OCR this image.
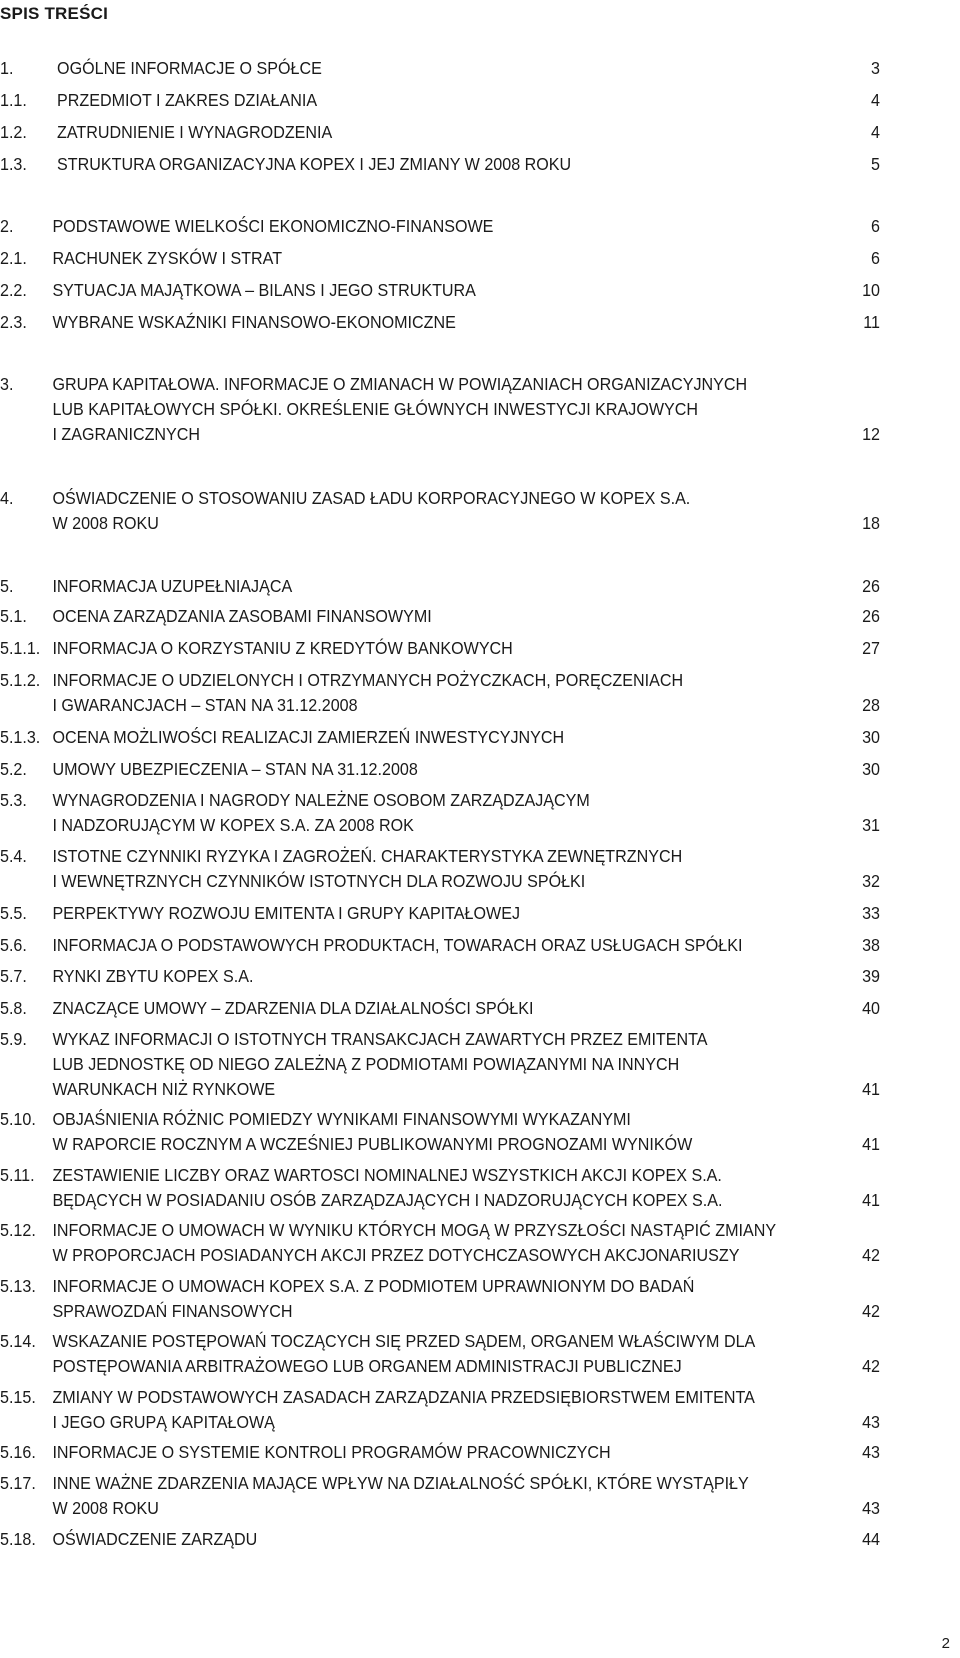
SPIS TREŚCI
1. OGÓLNE INFORMACJE O SPÓŁCE	3
1.1. PRZEDMIOT I ZAKRES DZIAŁANIA	4
1.2. ZATRUDNIENIE I WYNAGRODZENIA	4
1.3. STRUKTURA ORGANIZACYJNA KOPEX I JEJ ZMIANY W 2008 ROKU	5
2. PODSTAWOWE WIELKOŚCI EKONOMICZNO-FINANSOWE	6
2.1. RACHUNEK ZYSKÓW I STRAT	6
2.2. SYTUACJA MAJĄTKOWA – BILANS I JEGO STRUKTURA	10
2.3. WYBRANE WSKAŹNIKI FINANSOWO-EKONOMICZNE	11
3. GRUPA KAPITAŁOWA. INFORMACJE O ZMIANACH W POWIĄZANIACH ORGANIZACYJNYCH
LUB KAPITAŁOWYCH SPÓŁKI. OKREŚLENIE GŁÓWNYCH INWESTYCJI KRAJOWYCH
I ZAGRANICZNYCH	12
4. OŚWIADCZENIE O STOSOWANIU ZASAD ŁADU KORPORACYJNEGO W KOPEX S.A.
W 2008 ROKU	18
5. INFORMACJA UZUPEŁNIAJĄCA	26
5.1. OCENA ZARZĄDZANIA ZASOBAMI FINANSOWYMI	26
5.1.1. INFORMACJA O KORZYSTANIU Z KREDYTÓW BANKOWYCH	27
5.1.2. INFORMACJE O UDZIELONYCH I OTRZYMANYCH POŻYCZKACH, PORĘCZENIACH
I GWARANCJACH – STAN NA 31.12.2008	28
5.1.3. OCENA MOŻLIWOŚCI REALIZACJI ZAMIERZEŃ INWESTYCYJNYCH	30
5.2. UMOWY UBEZPIECZENIA – STAN NA 31.12.2008	30
5.3. WYNAGRODZENIA I NAGRODY NALEŻNE OSOBOM ZARZĄDZAJĄCYM
I NADZORUJĄCYM W KOPEX S.A. ZA 2008 ROK	31
5.4. ISTOTNE CZYNNIKI RYZYKA I ZAGROŻEŃ. CHARAKTERYSTYKA ZEWNĘTRZNYCH
I WEWNĘTRZNYCH CZYNNIKÓW ISTOTNYCH DLA ROZWOJU SPÓŁKI	32
5.5. PERPEKTYWY ROZWOJU EMITENTA I GRUPY KAPITAŁOWEJ	33
5.6. INFORMACJA O PODSTAWOWYCH PRODUKTACH, TOWARACH ORAZ USŁUGACH SPÓŁKI	38
5.7. RYNKI ZBYTU KOPEX S.A.	39
5.8. ZNACZĄCE UMOWY – ZDARZENIA DLA DZIAŁALNOŚCI SPÓŁKI	40
5.9. WYKAZ INFORMACJI O ISTOTNYCH TRANSAKCJACH ZAWARTYCH PRZEZ EMITENTA
LUB JEDNOSTKĘ OD NIEGO ZALEŻNĄ Z PODMIOTAMI POWIĄZANYMI NA INNYCH
WARUNKACH NIŻ RYNKOWE	41
5.10. OBJAŚNIENIA RÓŻNIC POMIEDZY WYNIKAMI FINANSOWYMI WYKAZANYMI
W RAPORCIE ROCZNYM A WCZEŚNIEJ PUBLIKOWANYMI PROGNOZAMI WYNIKÓW	41
5.11. ZESTAWIENIE LICZBY ORAZ WARTOSCI NOMINALNEJ WSZYSTKICH AKCJI KOPEX S.A.
BĘDĄCYCH W POSIADANIU OSÓB ZARZĄDZAJĄCYCH I NADZORUJĄCYCH KOPEX S.A.	41
5.12. INFORMACJE O UMOWACH W WYNIKU KTÓRYCH MOGĄ W PRZYSZŁOŚCI NASTĄPIĆ ZMIANY
W PROPORCJACH POSIADANYCH AKCJI PRZEZ DOTYCHCZASOWYCH AKCJONARIUSZY	42
5.13. INFORMACJE O UMOWACH KOPEX S.A. Z PODMIOTEM UPRAWNIONYM DO BADAŃ
SPRAWOZDAŃ FINANSOWYCH	42
5.14. WSKAZANIE POSTĘPOWAŃ TOCZĄCYCH SIĘ PRZED SĄDEM, ORGANEM WŁAŚCIWYM DLA
POSTĘPOWANIA ARBITRAŻOWEGO LUB ORGANEM ADMINISTRACJI PUBLICZNEJ	42
5.15. ZMIANY W PODSTAWOWYCH ZASADACH ZARZĄDZANIA PRZEDSIĘBIORSTWEM EMITENTA
I JEGO GRUPĄ KAPITAŁOWĄ	43
5.16. INFORMACJE O SYSTEMIE KONTROLI PROGRAMÓW PRACOWNICZYCH	43
5.17. INNE WAŻNE ZDARZENIA MAJĄCE WPŁYW NA DZIAŁALNOŚĆ SPÓŁKI, KTÓRE WYSTĄPIŁY
W 2008 ROKU	43
5.18. OŚWIADCZENIE ZARZĄDU	44
2
